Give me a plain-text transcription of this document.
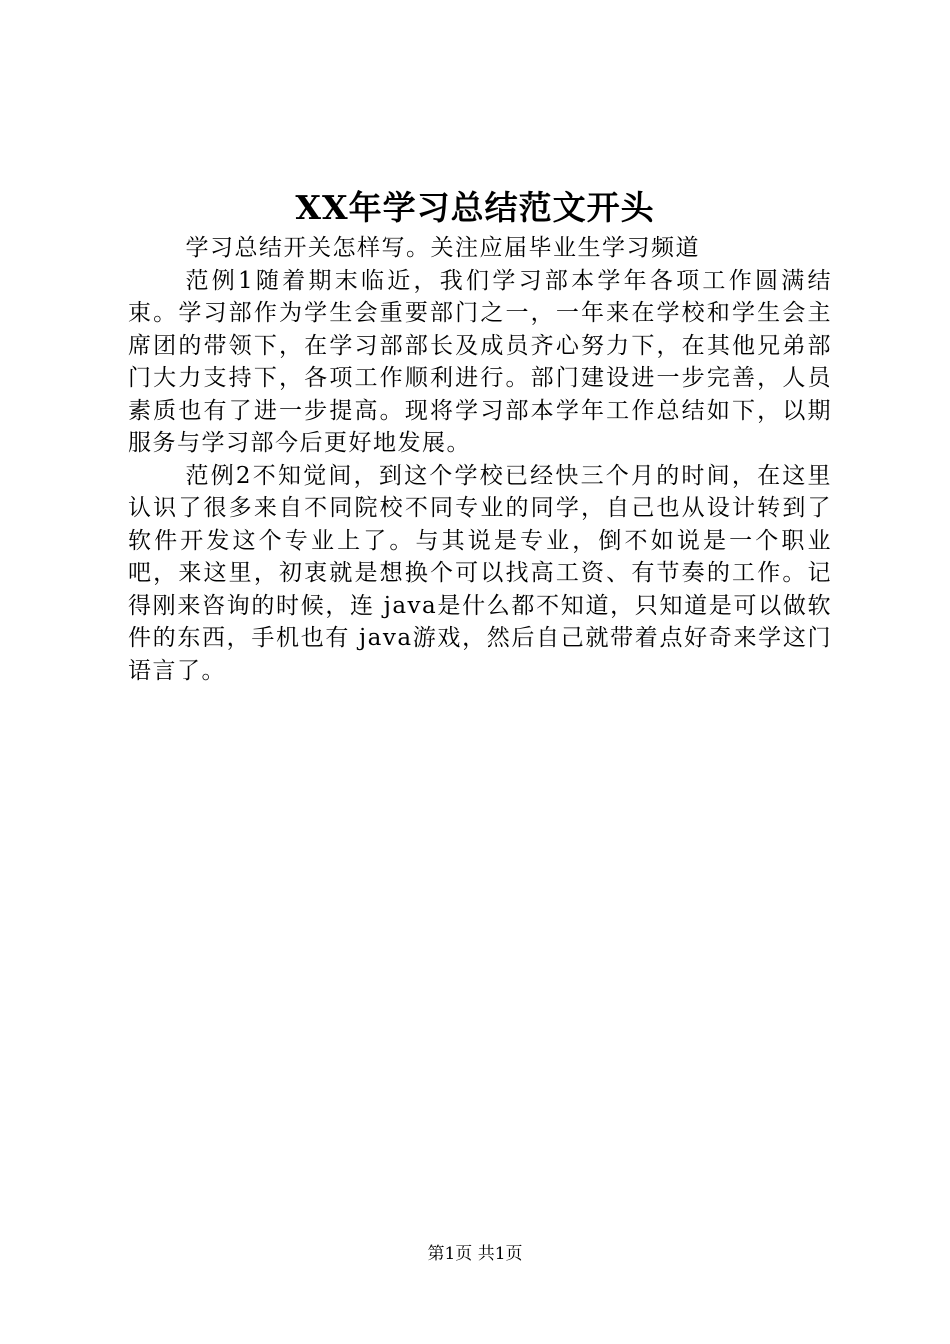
XX年学习总结范文开头

学习总结开关怎样写。关注应届毕业生学习频道

范例1随着期末临近，我们学习部本学年各项工作圆满结束。学习部作为学生会重要部门之一，一年来在学校和学生会主席团的带领下，在学习部部长及成员齐心努力下，在其他兄弟部门大力支持下，各项工作顺利进行。部门建设进一步完善，人员素质也有了进一步提高。现将学习部本学年工作总结如下，以期服务与学习部今后更好地发展。

范例2不知觉间，到这个学校已经快三个月的时间，在这里认识了很多来自不同院校不同专业的同学，自己也从设计转到了软件开发这个专业上了。与其说是专业，倒不如说是一个职业吧，来这里，初衷就是想换个可以找高工资、有节奏的工作。记得刚来咨询的时候，连 java是什么都不知道，只知道是可以做软件的东西，手机也有 java游戏，然后自己就带着点好奇来学这门语言了。

第1页 共1页
